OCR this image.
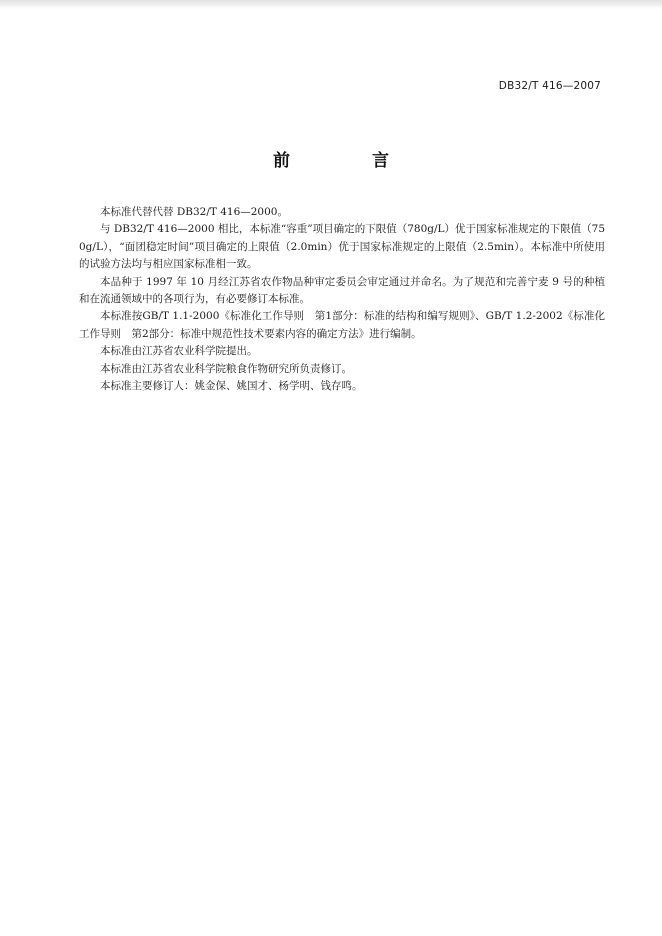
DB32/T 416—2007
前 言

本标准代替代替 DB32/T 416—2000。

与 DB32/T 416—2000 相比，本标准“容重”项目确定的下限值（780g/L）优于国家标准规定的下限值（750g/L），“面团稳定时间”项目确定的上限值（2.0min）优于国家标准规定的上限值（2.5min）。本标准中所使用的试验方法均与相应国家标准相一致。

本品种于 1997 年 10 月经江苏省农作物品种审定委员会审定通过并命名。为了规范和完善宁麦 9 号的种植和在流通领域中的各项行为，有必要修订本标准。

本标准按GB/T 1.1-2000《标准化工作导则　第1部分：标准的结构和编写规则》、GB/T 1.2-2002《标准化工作导则　第2部分：标准中规范性技术要素内容的确定方法》进行编制。

本标准由江苏省农业科学院提出。

本标准由江苏省农业科学院粮食作物研究所负责修订。

本标准主要修订人：姚金保、姚国才、杨学明、钱存鸣。
